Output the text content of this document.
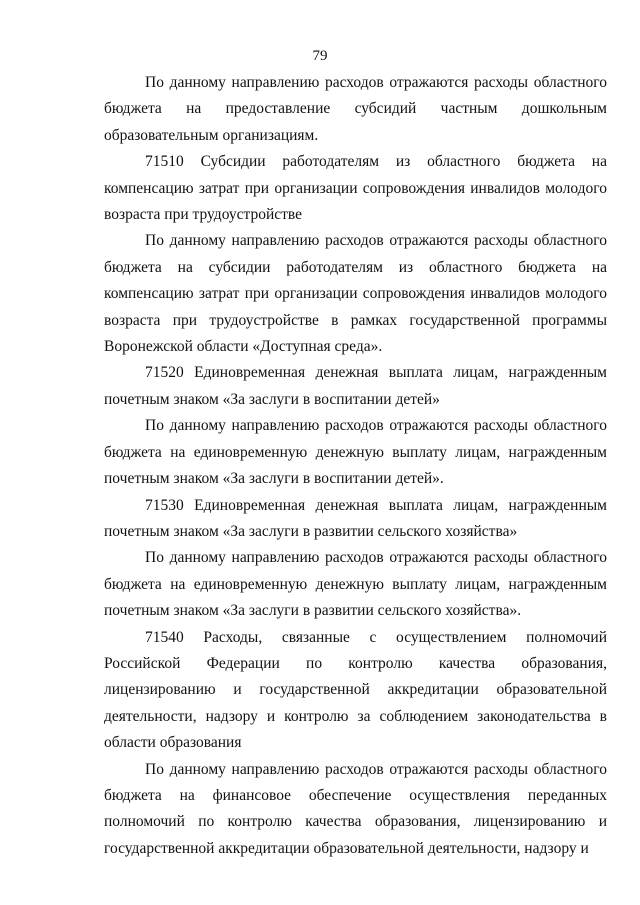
79

По данному направлению расходов отражаются расходы областного бюджета на предоставление субсидий частным дошкольным образовательным организациям.

71510 Субсидии работодателям из областного бюджета на компенсацию затрат при организации сопровождения инвалидов молодого возраста при трудоустройстве

По данному направлению расходов отражаются расходы областного бюджета на субсидии работодателям из областного бюджета на компенсацию затрат при организации сопровождения инвалидов молодого возраста при трудоустройстве в рамках государственной программы Воронежской области «Доступная среда».

71520 Единовременная денежная выплата лицам, награжденным почетным знаком «За заслуги в воспитании детей»

По данному направлению расходов отражаются расходы областного бюджета на единовременную денежную выплату лицам, награжденным почетным знаком «За заслуги в воспитании детей».

71530 Единовременная денежная выплата лицам, награжденным почетным знаком «За заслуги в развитии сельского хозяйства»

По данному направлению расходов отражаются расходы областного бюджета на единовременную денежную выплату лицам, награжденным почетным знаком «За заслуги в развитии сельского хозяйства».

71540 Расходы, связанные с осуществлением полномочий Российской Федерации по контролю качества образования, лицензированию и государственной аккредитации образовательной деятельности, надзору и контролю за соблюдением законодательства в области образования

По данному направлению расходов отражаются расходы областного бюджета на финансовое обеспечение осуществления переданных полномочий по контролю качества образования, лицензированию и государственной аккредитации образовательной деятельности, надзору и
